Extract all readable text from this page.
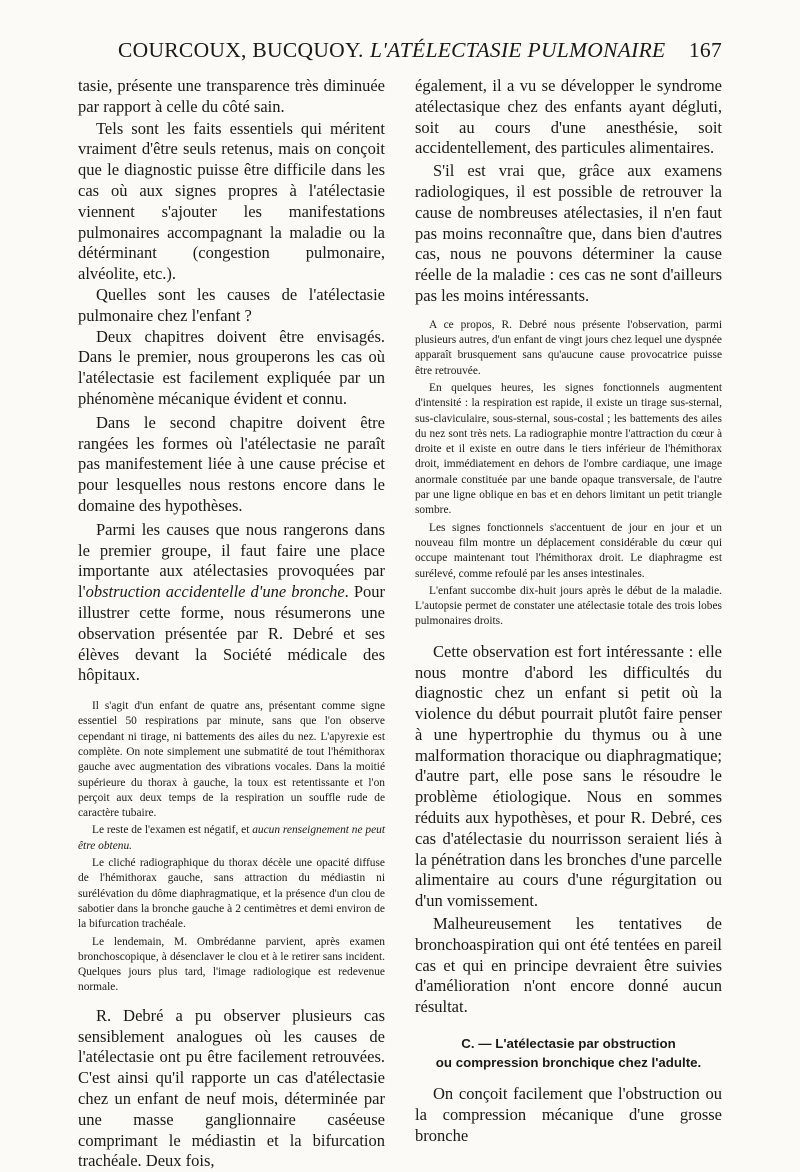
COURCOUX, BUCQUOY. L'ATÉLECTASIE PULMONAIRE 167

tasie, présente une transparence très diminuée par rapport à celle du côté sain.

Tels sont les faits essentiels qui méritent vraiment d'être seuls retenus, mais on conçoit que le diagnostic puisse être difficile dans les cas où aux signes propres à l'atélectasie viennent s'ajouter les manifestations pulmonaires accompagnant la maladie ou la détérminant (congestion pulmonaire, alvéolite, etc.).

Quelles sont les causes de l'atélectasie pulmonaire chez l'enfant ?

Deux chapitres doivent être envisagés. Dans le premier, nous grouperons les cas où l'atélectasie est facilement expliquée par un phénomène mécanique évident et connu.

Dans le second chapitre doivent être rangées les formes où l'atélectasie ne paraît pas manifestement liée à une cause précise et pour lesquelles nous restons encore dans le domaine des hypothèses.

Parmi les causes que nous rangerons dans le premier groupe, il faut faire une place importante aux atélectasies provoquées par l'obstruction accidentelle d'une bronche. Pour illustrer cette forme, nous résumerons une observation présentée par R. Debré et ses élèves devant la Société médicale des hôpitaux.

Il s'agit d'un enfant de quatre ans, présentant comme signe essentiel 50 respirations par minute, sans que l'on observe cependant ni tirage, ni battements des ailes du nez. L'apyrexie est complète. On note simplement une submatité de tout l'hémithorax gauche avec augmentation des vibrations vocales. Dans la moitié supérieure du thorax à gauche, la toux est retentissante et l'on perçoit aux deux temps de la respiration un souffle rude de caractère tubaire.

Le reste de l'examen est négatif, et aucun renseignement ne peut être obtenu.

Le cliché radiographique du thorax décèle une opacité diffuse de l'hémithorax gauche, sans attraction du médiastin ni surélévation du dôme diaphragmatique, et la présence d'un clou de sabotier dans la bronche gauche à 2 centimètres et demi environ de la bifurcation trachéale.

Le lendemain, M. Ombrédanne parvient, après examen bronchoscopique, à désenclaver le clou et à le retirer sans incident. Quelques jours plus tard, l'image radiologique est redevenue normale.

R. Debré a pu observer plusieurs cas sensiblement analogues où les causes de l'atélectasie ont pu être facilement retrouvées. C'est ainsi qu'il rapporte un cas d'atélectasie chez un enfant de neuf mois, déterminée par une masse ganglionnaire caséeuse comprimant le médiastin et la bifurcation trachéale. Deux fois,

également, il a vu se développer le syndrome atélectasique chez des enfants ayant dégluti, soit au cours d'une anesthésie, soit accidentellement, des particules alimentaires.

S'il est vrai que, grâce aux examens radiologiques, il est possible de retrouver la cause de nombreuses atélectasies, il n'en faut pas moins reconnaître que, dans bien d'autres cas, nous ne pouvons déterminer la cause réelle de la maladie : ces cas ne sont d'ailleurs pas les moins intéressants.

A ce propos, R. Debré nous présente l'observation, parmi plusieurs autres, d'un enfant de vingt jours chez lequel une dyspnée apparaît brusquement sans qu'aucune cause provocatrice puisse être retrouvée.

En quelques heures, les signes fonctionnels augmentent d'intensité : la respiration est rapide, il existe un tirage sus-sternal, sus-claviculaire, sous-sternal, sous-costal ; les battements des ailes du nez sont très nets. La radiographie montre l'attraction du cœur à droite et il existe en outre dans le tiers inférieur de l'hémithorax droit, immédiatement en dehors de l'ombre cardiaque, une image anormale constituée par une bande opaque transversale, de l'autre par une ligne oblique en bas et en dehors limitant un petit triangle sombre.

Les signes fonctionnels s'accentuent de jour en jour et un nouveau film montre un déplacement considérable du cœur qui occupe maintenant tout l'hémithorax droit. Le diaphragme est surélevé, comme refoulé par les anses intestinales.

L'enfant succombe dix-huit jours après le début de la maladie. L'autopsie permet de constater une atélectasie totale des trois lobes pulmonaires droits.

Cette observation est fort intéressante : elle nous montre d'abord les difficultés du diagnostic chez un enfant si petit où la violence du début pourrait plutôt faire penser à une hypertrophie du thymus ou à une malformation thoracique ou diaphragmatique; d'autre part, elle pose sans le résoudre le problème étiologique. Nous en sommes réduits aux hypothèses, et pour R. Debré, ces cas d'atélectasie du nourrisson seraient liés à la pénétration dans les bronches d'une parcelle alimentaire au cours d'une régurgitation ou d'un vomissement.

Malheureusement les tentatives de bronchoaspiration qui ont été tentées en pareil cas et qui en principe devraient être suivies d'amélioration n'ont encore donné aucun résultat.

C. — L'atélectasie par obstruction

ou compression bronchique chez l'adulte.

On conçoit facilement que l'obstruction ou la compression mécanique d'une grosse bronche
